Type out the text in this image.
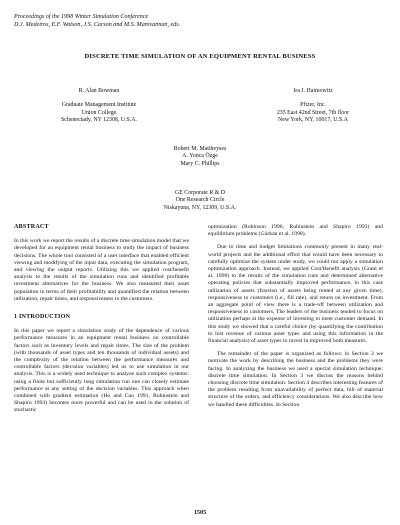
Proceedings of the 1998 Winter Simulation Conference
D.J. Medeiros, E.F. Watson, J.S. Carson and M.S. Manivannan, eds.
DISCRETE TIME SIMULATION OF AN EQUIPMENT RENTAL BUSINESS
R. Alan Bowman
Graduate Management Institute
Union College
Schenectady, NY 12308, U.S.A.
Ira J. Haimowitz
Pfizer, Inc.
235 East 42nd Street, 7th floor
New York, NY, 10017, U.S.A
Robert M. Mattheyses
A. Yonca Özge
Mary C. Phillips
GE Corporate R & D
One Research Circle
Niskayuna, NY, 12309, U.S.A.
ABSTRACT
In this work we report the results of a discrete time simulation model that we developed for an equipment rental business to study the impact of business decisions. The whole tool consisted of a user interface that enabled efficient viewing and modifying of the input data, executing the simulation program, and viewing the output reports. Utilizing this we applied cost/benefit analysis to the results of the simulation runs and identified profitable investment alternatives for the business. We also measured their asset population in terms of their profitability and quantified the relation between utilization, repair times, and responsiveness to the customers.
1 INTRODUCTION
In this paper we report a simulation study of the dependence of various performance measures in an equipment rental business on controllable factors such as inventory levels and repair times. The size of the problem (with thousands of asset types and ten thousands of individual assets) and the complexity of the relation between the performance measures and controllable factors (decision variables) led us to use simulation in our analysis. This is a widely used technique to analyze such complex systems: using a finite but sufficiently long simulation run one can closely estimate performance at any setting of the decision variables. This approach when combined with gradient estimation (Ho and Cao 1991, Rubinstein and Shapiro 1993) becomes more powerful and can be used in the solution of stochastic
optimization (Robinson 1996, Rubinstein and Shapiro 1993) and equilibrium problems (Gürkan et al. 1998).
Due to time and budget limitations commonly present in many real-world projects and the additional effort that would have been necessary to carefully optimize the system under study, we could not apply a simulation optimization approach. Instead, we applied Cost/Benefit analysis (Grant et al. 1990) to the results of the simulation runs and determined alternative operating policies that substantially improved performance, in this case utilization of assets (fraction of assets being rented at any given time), responsiveness to customers (i.e., fill rate), and return on investment. From an aggregate point of view there is a trade-off between utilization and responsiveness to customers. The leaders of the business tended to focus on utilization perhaps at the expense of investing to meet customer demand. In this study we showed that a careful choice (by quantifying the contribution to lost revenue of various asset types and using this information in the financial analysis) of asset types to invest in improved both measures.
The remainder of the paper is organized as follows: in Section 2 we motivate the work by describing the business and the problems they were facing. In analyzing the business we used a special simulation technique: discrete time simulation. In Section 3 we discuss the reasons behind choosing discrete time simulation. Section 4 describes interesting features of the problem resulting from unavailability of perfect data, bill of material structure of the orders, and efficiency considerations. We also describe how we handled these difficulties. In Section
1505
